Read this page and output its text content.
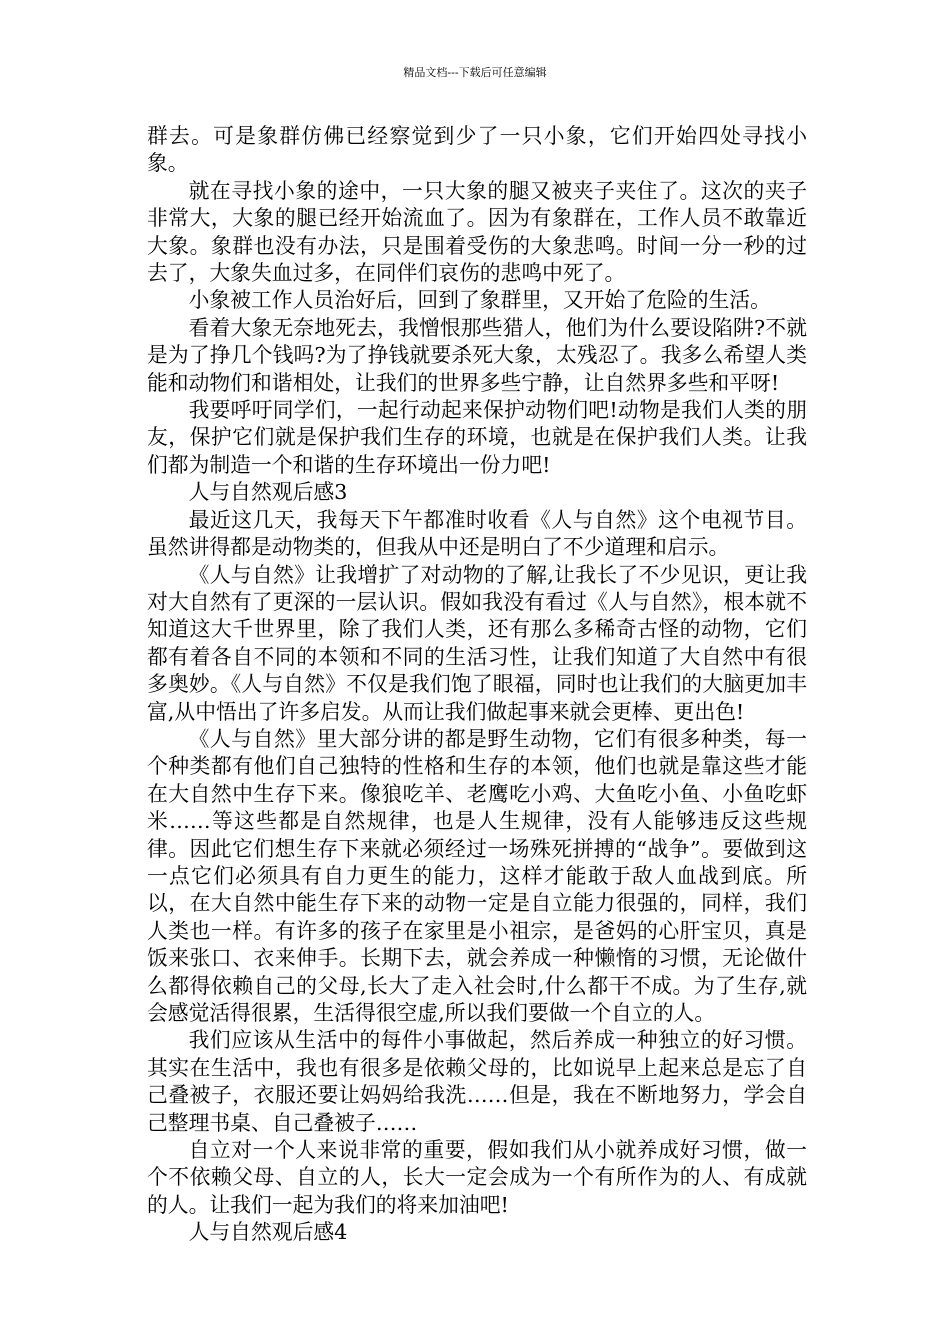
精品文档---下载后可任意编辑

群去。可是象群仿佛已经察觉到少了一只小象，它们开始四处寻找小象。

就在寻找小象的途中，一只大象的腿又被夹子夹住了。这次的夹子非常大，大象的腿已经开始流血了。因为有象群在，工作人员不敢靠近大象。象群也没有办法，只是围着受伤的大象悲鸣。时间一分一秒的过去了，大象失血过多，在同伴们哀伤的悲鸣中死了。

小象被工作人员治好后，回到了象群里，又开始了危险的生活。

看着大象无奈地死去，我憎恨那些猎人，他们为什么要设陷阱?不就是为了挣几个钱吗?为了挣钱就要杀死大象，太残忍了。我多么希望人类能和动物们和谐相处，让我们的世界多些宁静，让自然界多些和平呀!

我要呼吁同学们，一起行动起来保护动物们吧!动物是我们人类的朋友，保护它们就是保护我们生存的环境，也就是在保护我们人类。让我们都为制造一个和谐的生存环境出一份力吧!

人与自然观后感3

最近这几天，我每天下午都准时收看《人与自然》这个电视节目。虽然讲得都是动物类的，但我从中还是明白了不少道理和启示。

《人与自然》让我增扩了对动物的了解,让我长了不少见识，更让我对大自然有了更深的一层认识。假如我没有看过《人与自然》，根本就不知道这大千世界里，除了我们人类，还有那么多稀奇古怪的动物，它们都有着各自不同的本领和不同的生活习性，让我们知道了大自然中有很多奥妙。《人与自然》不仅是我们饱了眼福，同时也让我们的大脑更加丰富,从中悟出了许多启发。从而让我们做起事来就会更棒、更出色!

《人与自然》里大部分讲的都是野生动物，它们有很多种类，每一个种类都有他们自己独特的性格和生存的本领，他们也就是靠这些才能在大自然中生存下来。像狼吃羊、老鹰吃小鸡、大鱼吃小鱼、小鱼吃虾米……等这些都是自然规律，也是人生规律，没有人能够违反这些规律。因此它们想生存下来就必须经过一场殊死拼搏的“战争”。要做到这一点它们必须具有自力更生的能力，这样才能敢于敌人血战到底。所以，在大自然中能生存下来的动物一定是自立能力很强的，同样，我们人类也一样。有许多的孩子在家里是小祖宗，是爸妈的心肝宝贝，真是饭来张口、衣来伸手。长期下去，就会养成一种懒惰的习惯，无论做什么都得依赖自己的父母,长大了走入社会时,什么都干不成。为了生存,就会感觉活得很累，生活得很空虚,所以我们要做一个自立的人。

我们应该从生活中的每件小事做起，然后养成一种独立的好习惯。其实在生活中，我也有很多是依赖父母的，比如说早上起来总是忘了自己叠被子，衣服还要让妈妈给我洗……但是，我在不断地努力，学会自己整理书桌、自己叠被子……

自立对一个人来说非常的重要，假如我们从小就养成好习惯，做一个不依赖父母、自立的人，长大一定会成为一个有所作为的人、有成就的人。让我们一起为我们的将来加油吧!

人与自然观后感4
